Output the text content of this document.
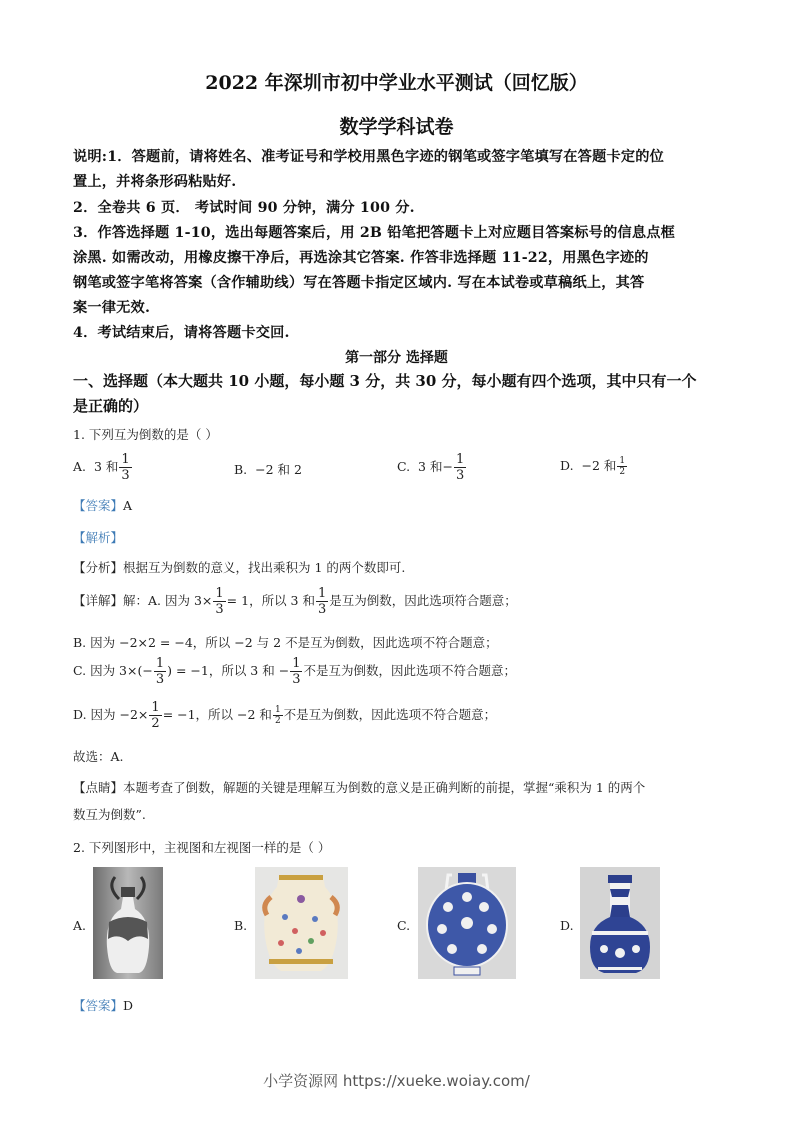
2022 年深圳市初中学业水平测试（回忆版）
数学学科试卷
说明:1．答题前，请将姓名、准考证号和学校用黑色字迹的钢笔或签字笔填写在答题卡定的位
置上，并将条形码粘贴好.
2．全卷共 6 页． 考试时间 90 分钟，满分 100 分.
3．作答选择题 1-10，选出每题答案后，用 2B 铅笔把答题卡上对应题目答案标号的信息点框
涂黑. 如需改动，用橡皮擦干净后，再选涂其它答案. 作答非选择题 11-22，用黑色字迹的
钢笔或签字笔将答案（含作辅助线）写在答题卡指定区域内. 写在本试卷或草稿纸上，其答
案一律无效.
4．考试结束后，请将答题卡交回.
第一部分 选择题
一、选择题（本大题共 10 小题，每小题 3 分，共 30 分，每小题有四个选项，其中只有一个
是正确的）
1. 下列互为倒数的是（ ）
A. 3 和 $\frac{1}{3}$	B. −2 和 2	C. 3 和− $\frac{1}{3}$	D. −2 和 $\frac{1}{2}$
【答案】A
【解析】
【分析】根据互为倒数的意义，找出乘积为 1 的两个数即可.
【详解】解：A. 因为 $3\times \frac{1}{3} = 1$，所以 3 和 $\frac{1}{3}$ 是互为倒数，因此选项符合题意；
B. 因为 −2×2 = −4，所以 −2 与 2 不是互为倒数，因此选项不符合题意；
C. 因为 $3\times(- \frac{1}{3}$ ) = −1，所以 3 和 − $\frac{1}{3}$ 不是互为倒数，因此选项不符合题意；
D. 因为 $-2\times \frac{1}{2} = -1$，所以 −2 和 $\frac{1}{2}$ 不是互为倒数，因此选项不符合题意；
故选：A.
【点睛】本题考查了倒数，解题的关键是理解互为倒数的意义是正确判断的前提，掌握“乘积为 1 的两个
数互为倒数”.
2. 下列图形中，主视图和左视图一样的是（ ）
A.	B.	C.	D.
【答案】D
小学资源网 https://xueke.woiay.com/
